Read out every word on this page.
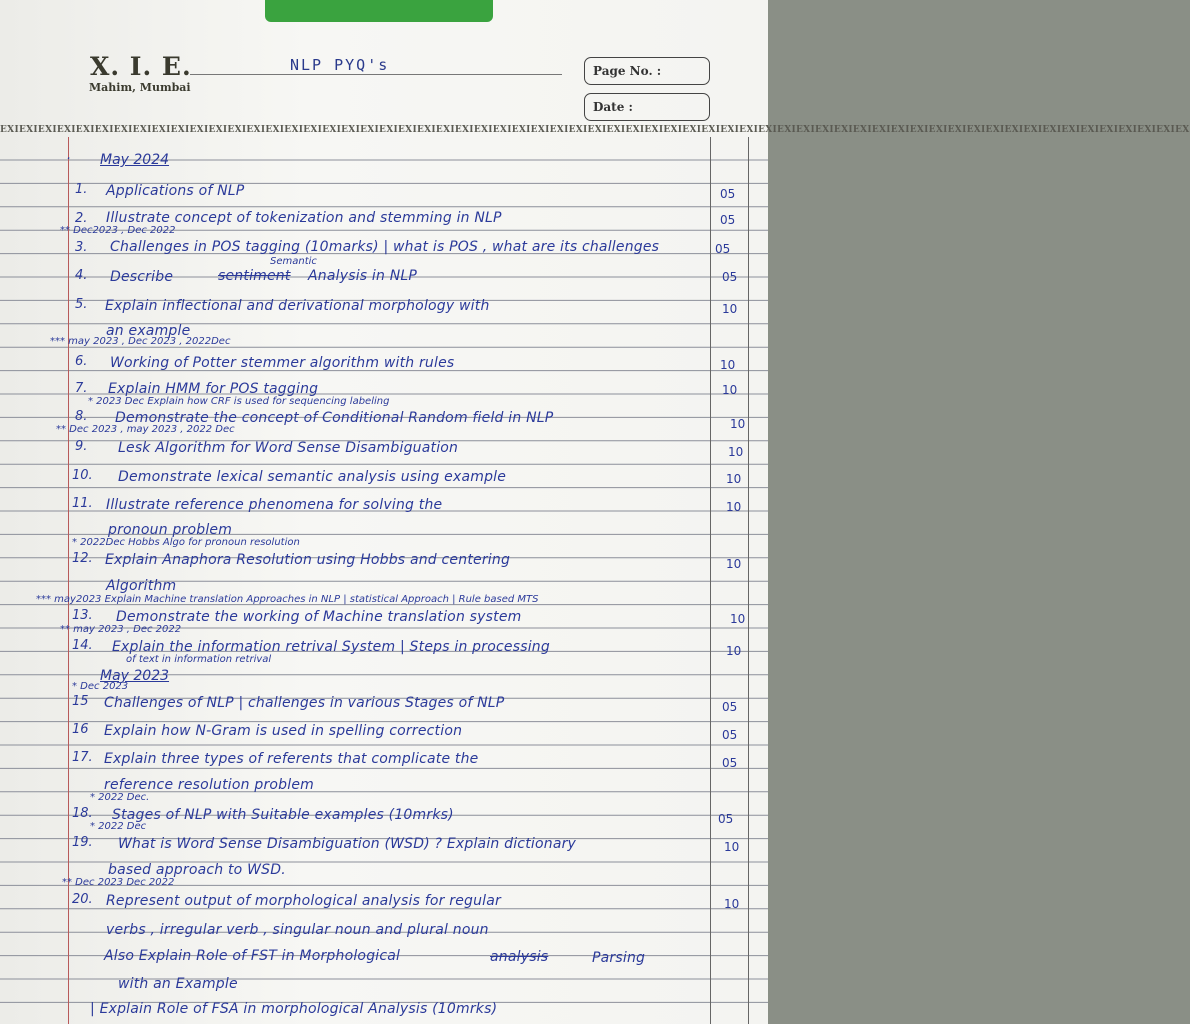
X. I. E.
Mahim, Mumbai
NLP PYQ's	Page No. :
Date :
EXIEXIEXIEXIEXIEXIEXIEXIEXIEXIEXIEXIEXIEXIEXIEXIEXIEXIEXIEXIEXIEXIEXIEXIEXIEXIEXIEXIEXIEXIEXIEXIEXIEXIEXIEXIEXIEXIEXIEXIEXIEXIEXIEXIEXIEXIEXIEXIEXIEXIEXIEXIEXIEXIEXIEXIEXIEXIEXIEXIEXIEXIEX
. May 2024
1. Applications of NLP	05
2. Illustrate concept of tokenization and stemming in NLP	05
** Dec2023 , Dec 2022
3. Challenges in POS tagging (10marks) | what is POS , what are its challenges	05
Semantic
4. Describe	sentiment Analysis in NLP	05
5. Explain inflectional and derivational morphology with	10
an example
*** may 2023 , Dec 2023 , 2022Dec
6. Working of Potter stemmer algorithm with rules	10
7. Explain HMM for POS tagging	10
* 2023 Dec Explain how CRF is used for sequencing labeling
8. Demonstrate the concept of Conditional Random field in NLP	10
** Dec 2023 , may 2023 , 2022 Dec
9. Lesk Algorithm for Word Sense Disambiguation	10
10. Demonstrate lexical semantic analysis using example	10
11. Illustrate reference phenomena for solving the	10
pronoun problem
* 2022Dec Hobbs Algo for pronoun resolution
12. Explain Anaphora Resolution using Hobbs and centering	10
Algorithm
*** may2023 Explain Machine translation Approaches in NLP | statistical Approach | Rule based MTS
13. Demonstrate the working of Machine translation system	10
** may 2023 , Dec 2022
14. Explain the information retrival System | Steps in processing	10
of text in information retrival
May 2023
* Dec 2023
15 Challenges of NLP | challenges in various Stages of NLP	05
16 Explain how N-Gram is used in spelling correction	05
17. Explain three types of referents that complicate the	05
reference resolution problem
* 2022 Dec.
18. Stages of NLP with Suitable examples (10mrks)	05
* 2022 Dec
19. What is Word Sense Disambiguation (WSD) ? Explain dictionary	10
based approach to WSD.
** Dec 2023 Dec 2022
20. Represent output of morphological analysis for regular	10
verbs , irregular verb , singular noun and plural noun
Also Explain Role of FST in Morphological	analysis	Parsing
with an Example
| Explain Role of FSA in morphological Analysis (10mrks)
